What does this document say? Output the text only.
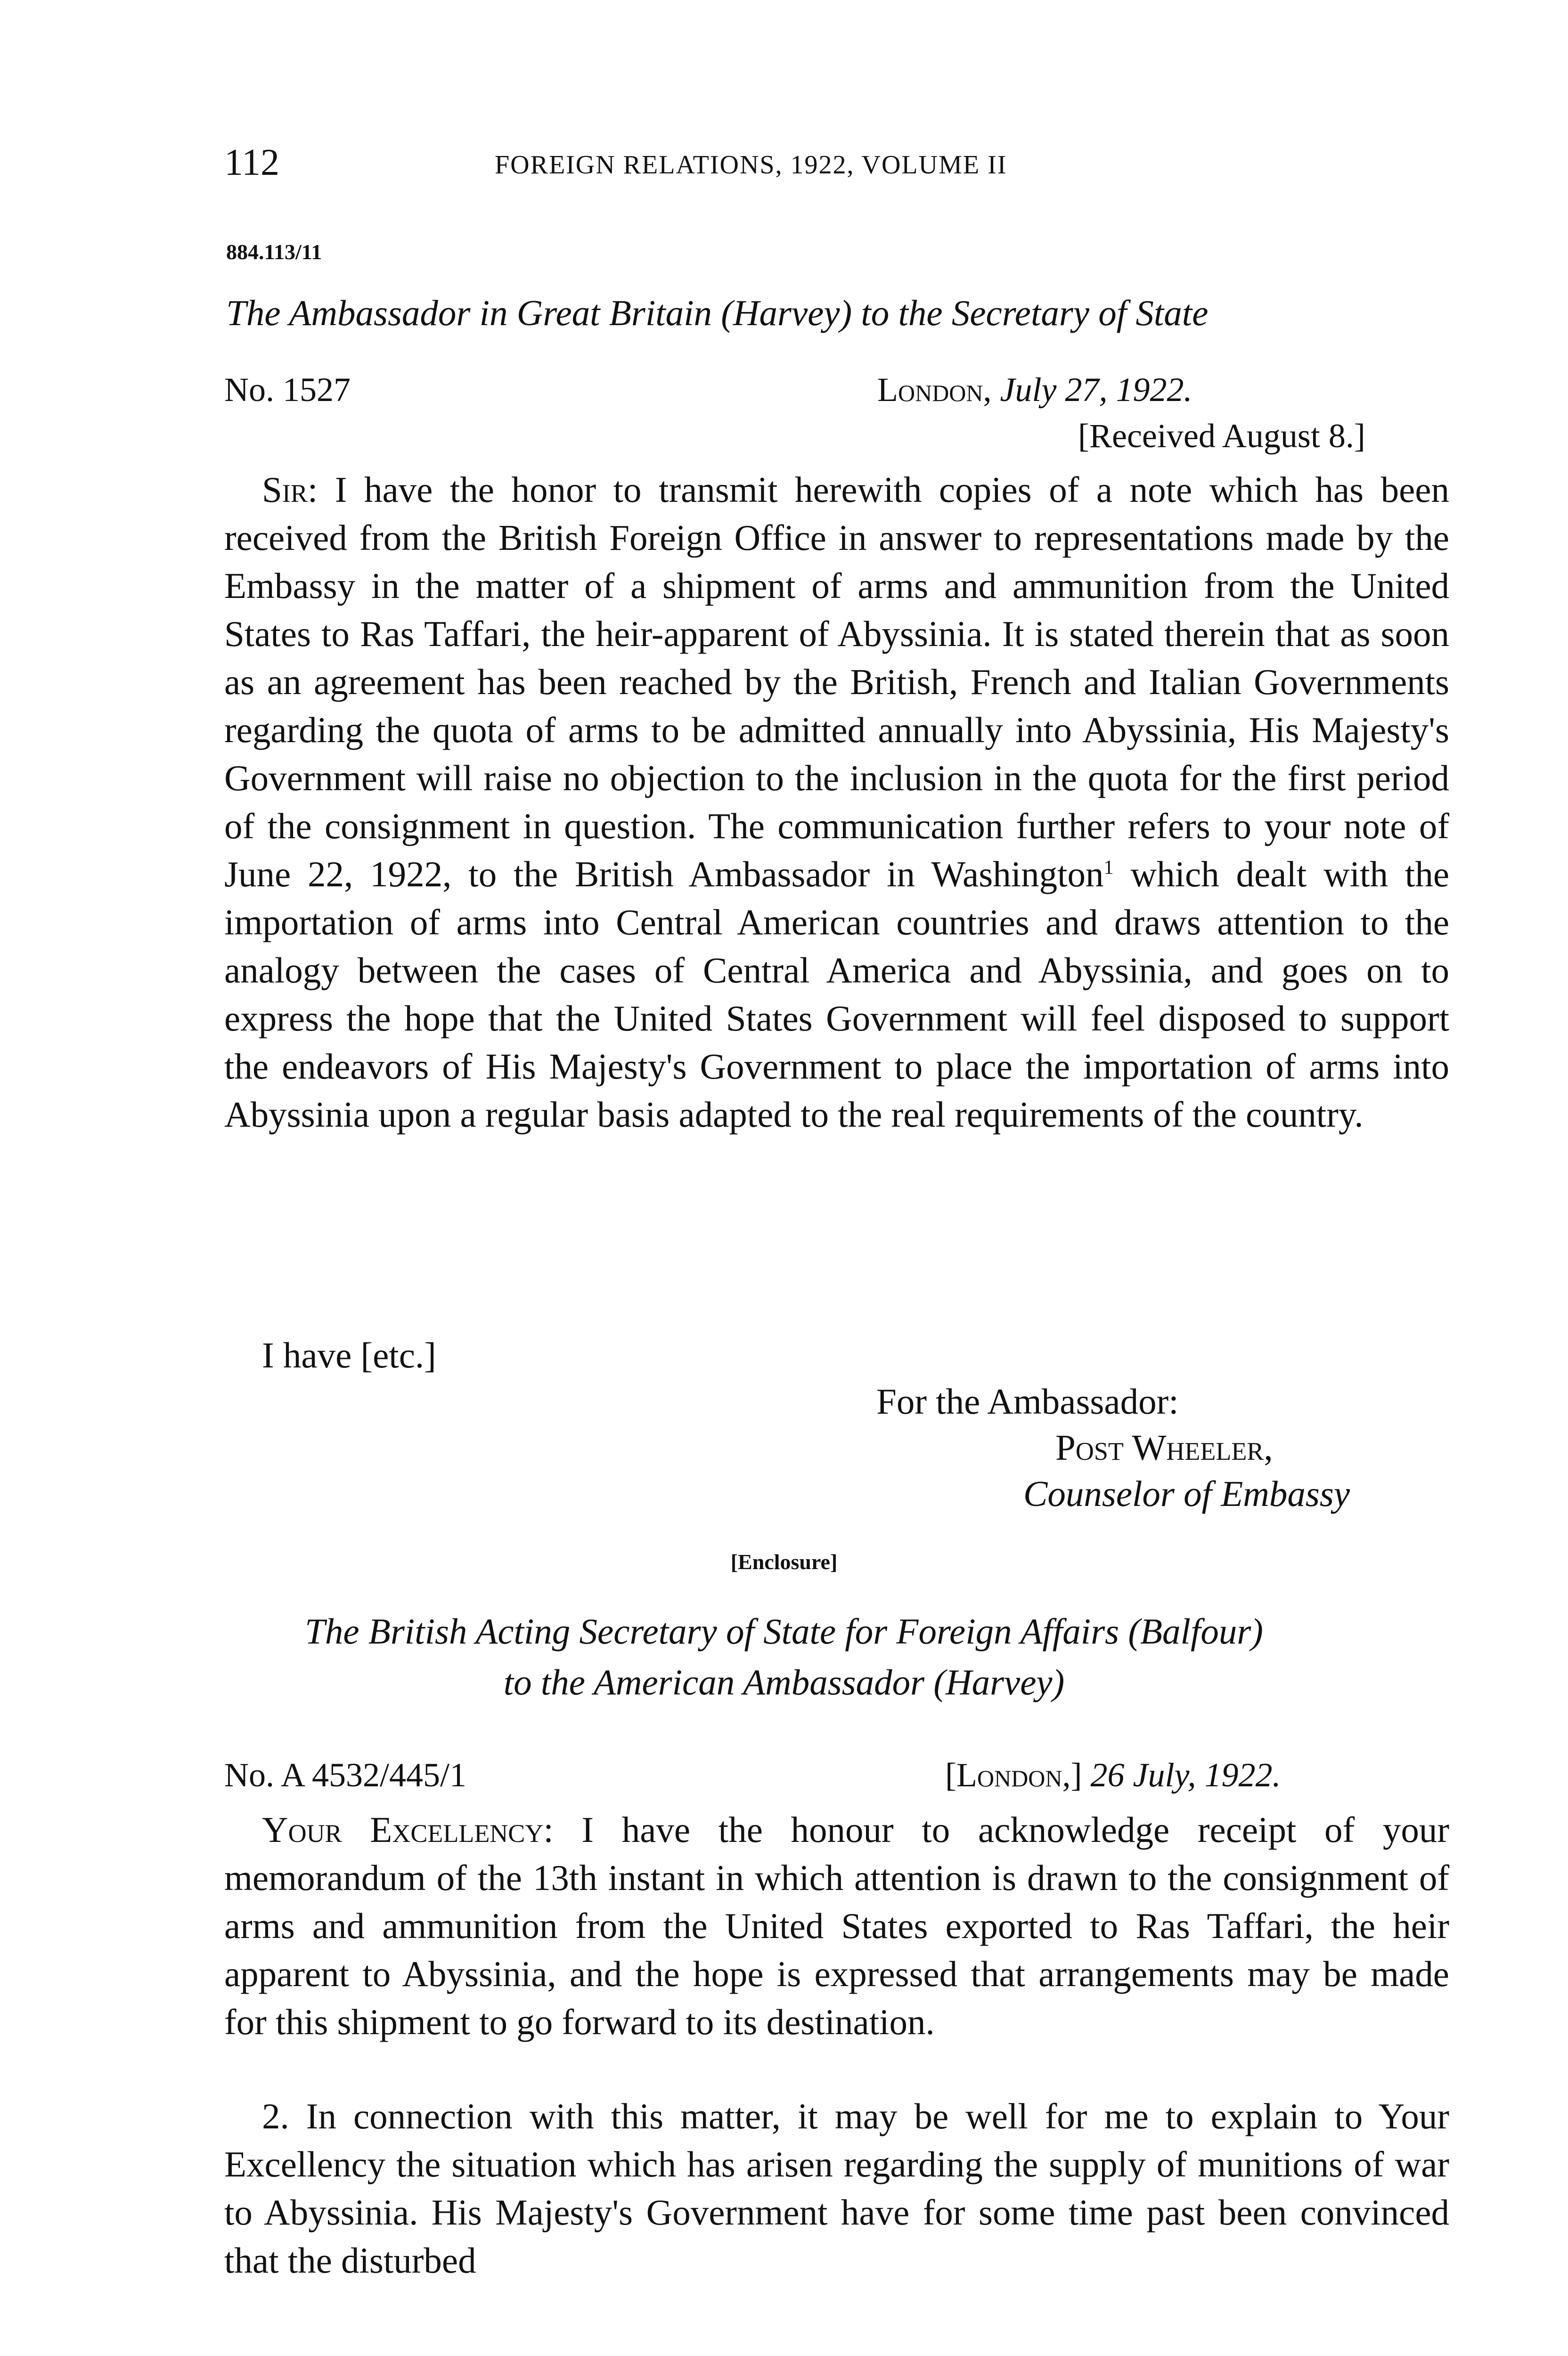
112	FOREIGN RELATIONS, 1922, VOLUME II
884.113/11
The Ambassador in Great Britain (Harvey) to the Secretary of State
No. 1527	London, July 27, 1922.
[Received August 8.]

Sir: I have the honor to transmit herewith copies of a note which has been received from the British Foreign Office in answer to representations made by the Embassy in the matter of a shipment of arms and ammunition from the United States to Ras Taffari, the heir-apparent of Abyssinia. It is stated therein that as soon as an agreement has been reached by the British, French and Italian Governments regarding the quota of arms to be admitted annually into Abyssinia, His Majesty's Government will raise no objection to the inclusion in the quota for the first period of the consignment in question. The communication further refers to your note of June 22, 1922, to the British Ambassador in Washington$^1$ which dealt with the importation of arms into Central American countries and draws attention to the analogy between the cases of Central America and Abyssinia, and goes on to express the hope that the United States Government will feel disposed to support the endeavors of His Majesty's Government to place the importation of arms into Abyssinia upon a regular basis adapted to the real requirements of the country.

I have [etc.]
For the Ambassador:
Post Wheeler,
Counselor of Embassy
[Enclosure]
The British Acting Secretary of State for Foreign Affairs (Balfour)
to the American Ambassador (Harvey)
No. A 4532/445/1	[London,] 26 July, 1922.

Your Excellency: I have the honour to acknowledge receipt of your memorandum of the 13th instant in which attention is drawn to the consignment of arms and ammunition from the United States exported to Ras Taffari, the heir apparent to Abyssinia, and the hope is expressed that arrangements may be made for this shipment to go forward to its destination.

2. In connection with this matter, it may be well for me to explain to Your Excellency the situation which has arisen regarding the supply of munitions of war to Abyssinia. His Majesty's Government have for some time past been convinced that the disturbed
